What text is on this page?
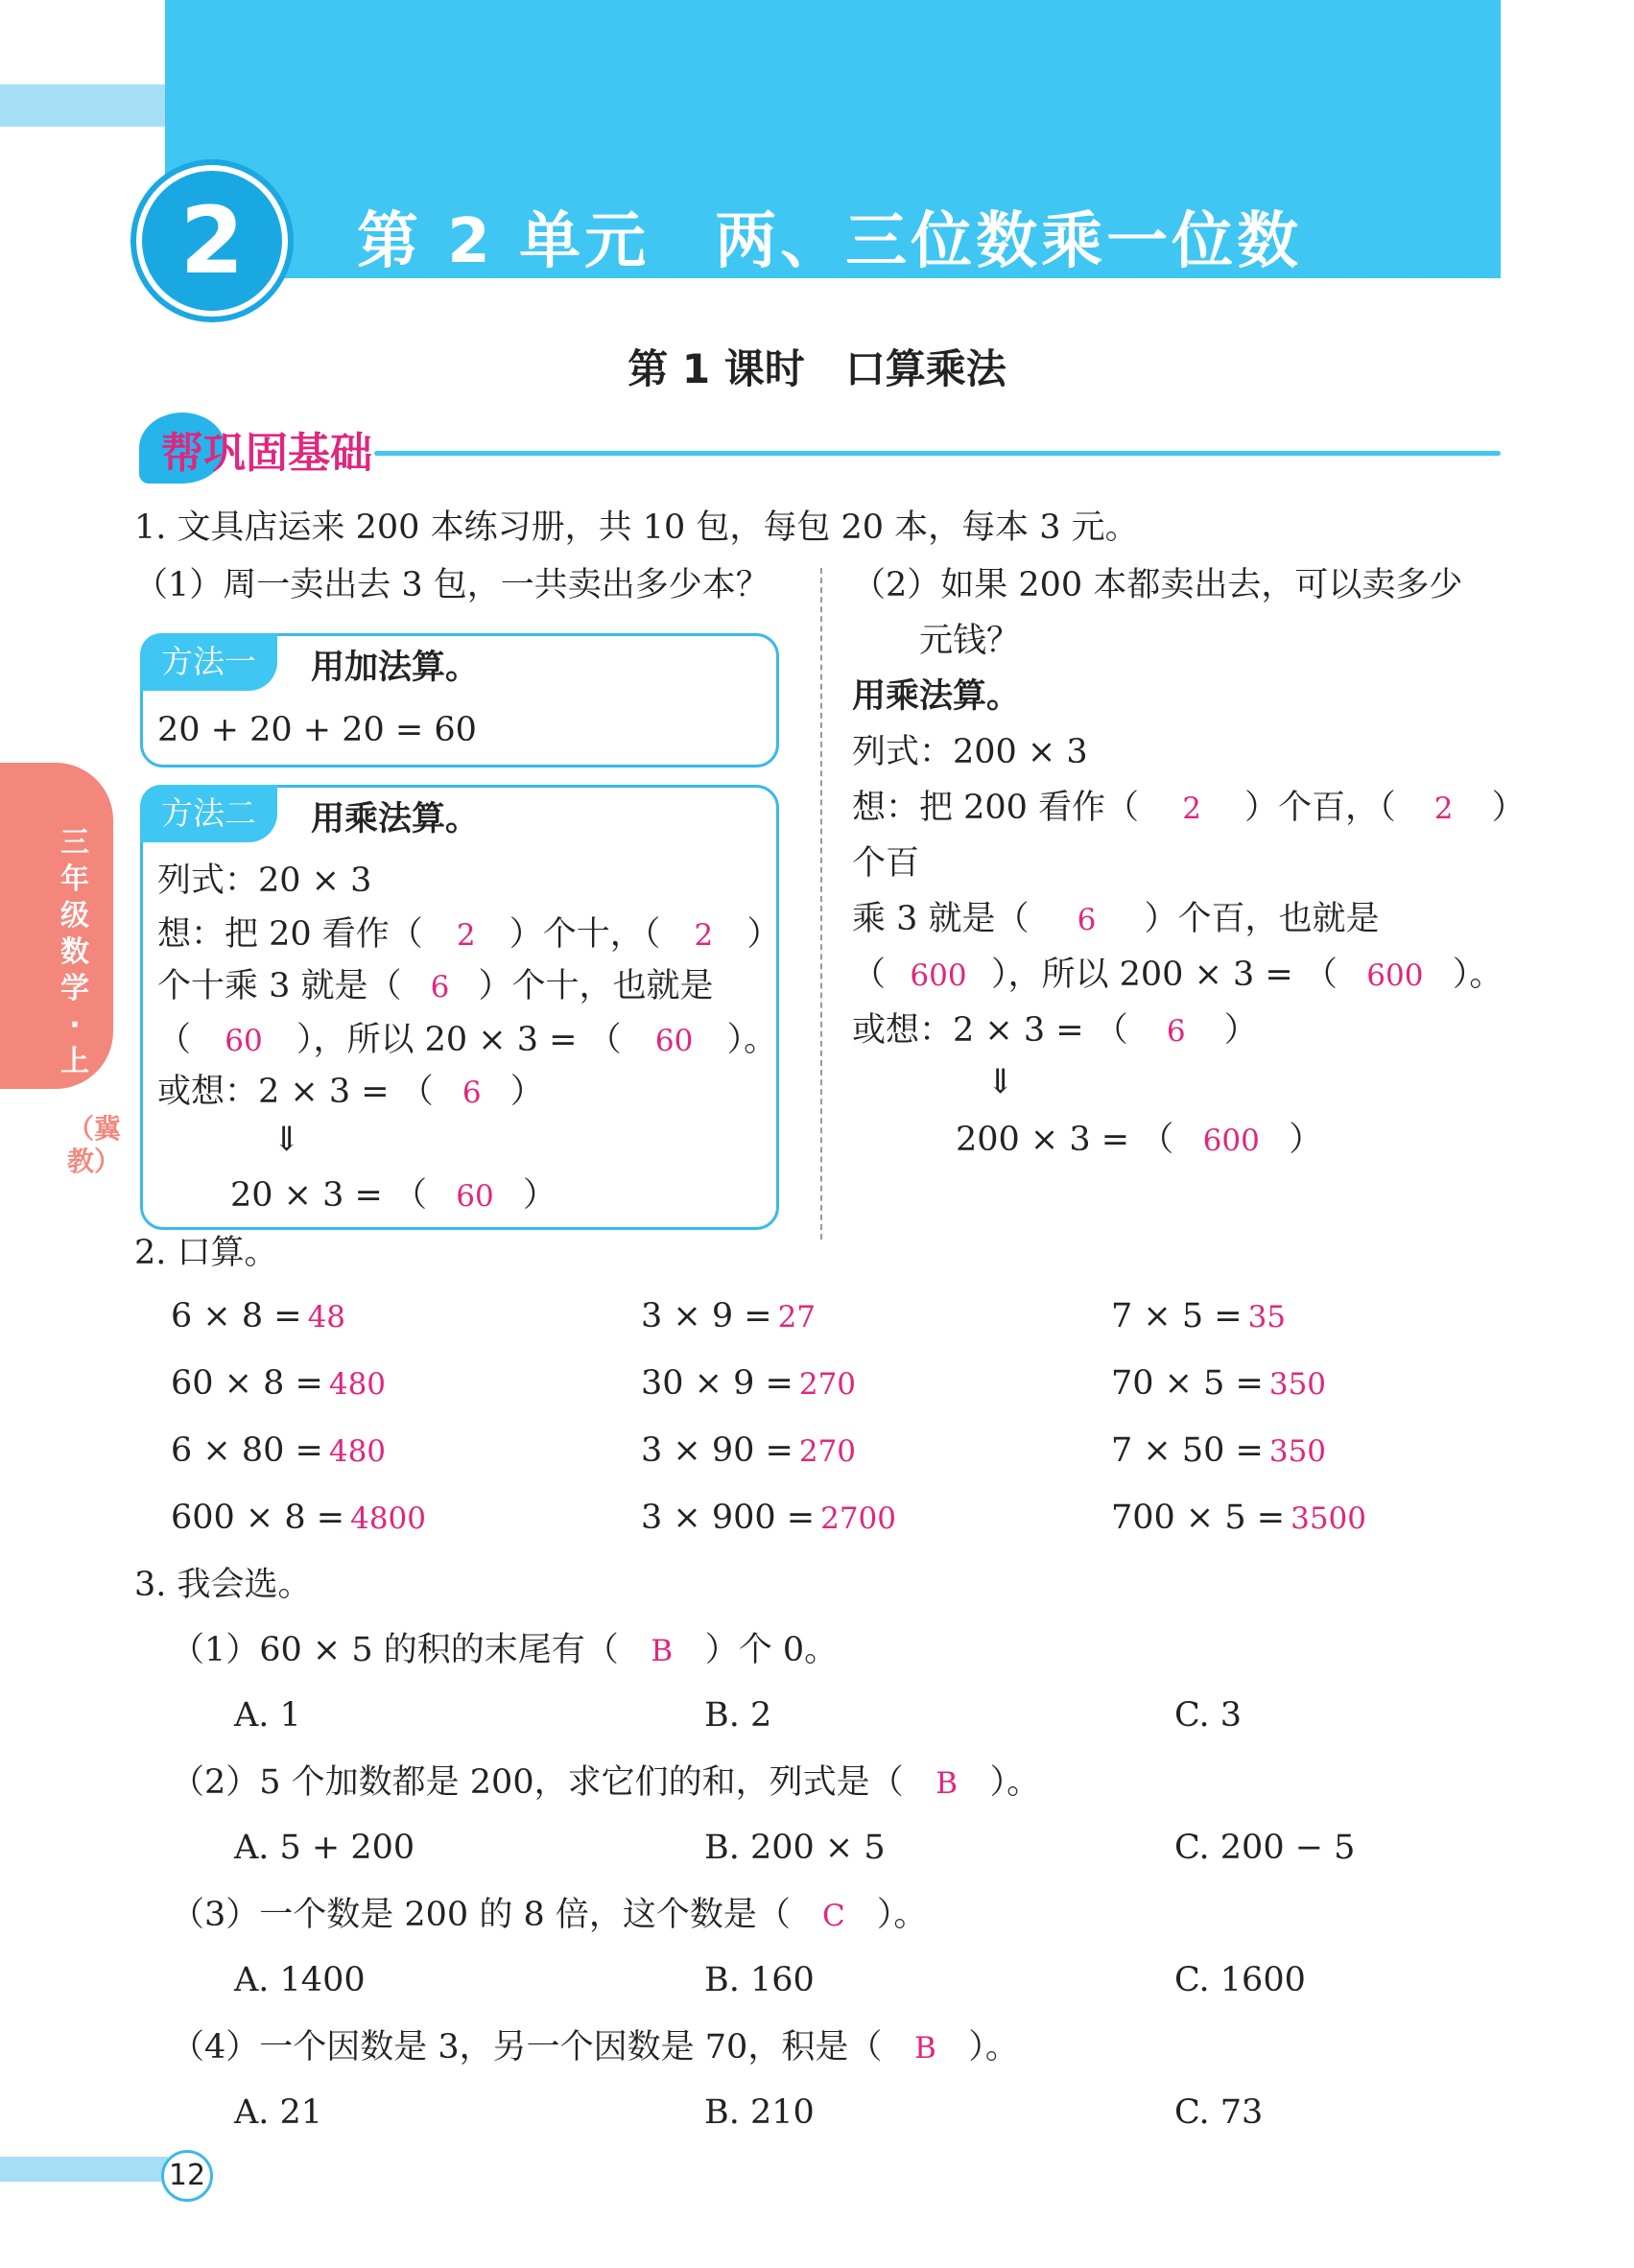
2	第 2 单元　两、三位数乘一位数
第 1 课时　口算乘法
帮巩固基础
三年级数学·上
（冀教）
1. 文具店运来 200 本练习册，共 10 包，每包 20 本，每本 3 元。
（1）周一卖出去 3 包，一共卖出多少本？
方法一	用加法算。
20 + 20 + 20 = 60
方法二	用乘法算。
列式：20 × 3
想：把 20 看作（ 2 ）个十，（ 2 ）
个十乘 3 就是（ 6 ）个十，也就是
（ 60 ），所以 20 × 3 = （ 60 ）。
或想：2 × 3 = （ 6 ）
⇓
20 × 3 = （ 60 ）
（2）如果 200 本都卖出去，可以卖多少
元钱？
用乘法算。
列式：200 × 3
想：把 200 看作（ 2 ）个百，（ 2 ）
个百
乘 3 就是（ 6 ）个百，也就是
（ 600 ），所以 200 × 3 = （ 600 ）。
或想：2 × 3 = （ 6 ）
⇓
200 × 3 = （ 600 ）
2. 口算。
6 × 8 = 48	3 × 9 = 27	7 × 5 = 35
60 × 8 = 480	30 × 9 = 270	70 × 5 = 350
6 × 80 = 480	3 × 90 = 270	7 × 50 = 350
600 × 8 = 4800	3 × 900 = 2700	700 × 5 = 3500
3. 我会选。
（1）60 × 5 的积的末尾有（ B ）个 0。
A. 1	B. 2	C. 3
（2）5 个加数都是 200，求它们的和，列式是（ B ）。
A. 5 + 200	B. 200 × 5	C. 200 − 5
（3）一个数是 200 的 8 倍，这个数是（ C ）。
A. 1400	B. 160	C. 1600
（4）一个因数是 3，另一个因数是 70，积是（ B ）。
A. 21	B. 210	C. 73
12
